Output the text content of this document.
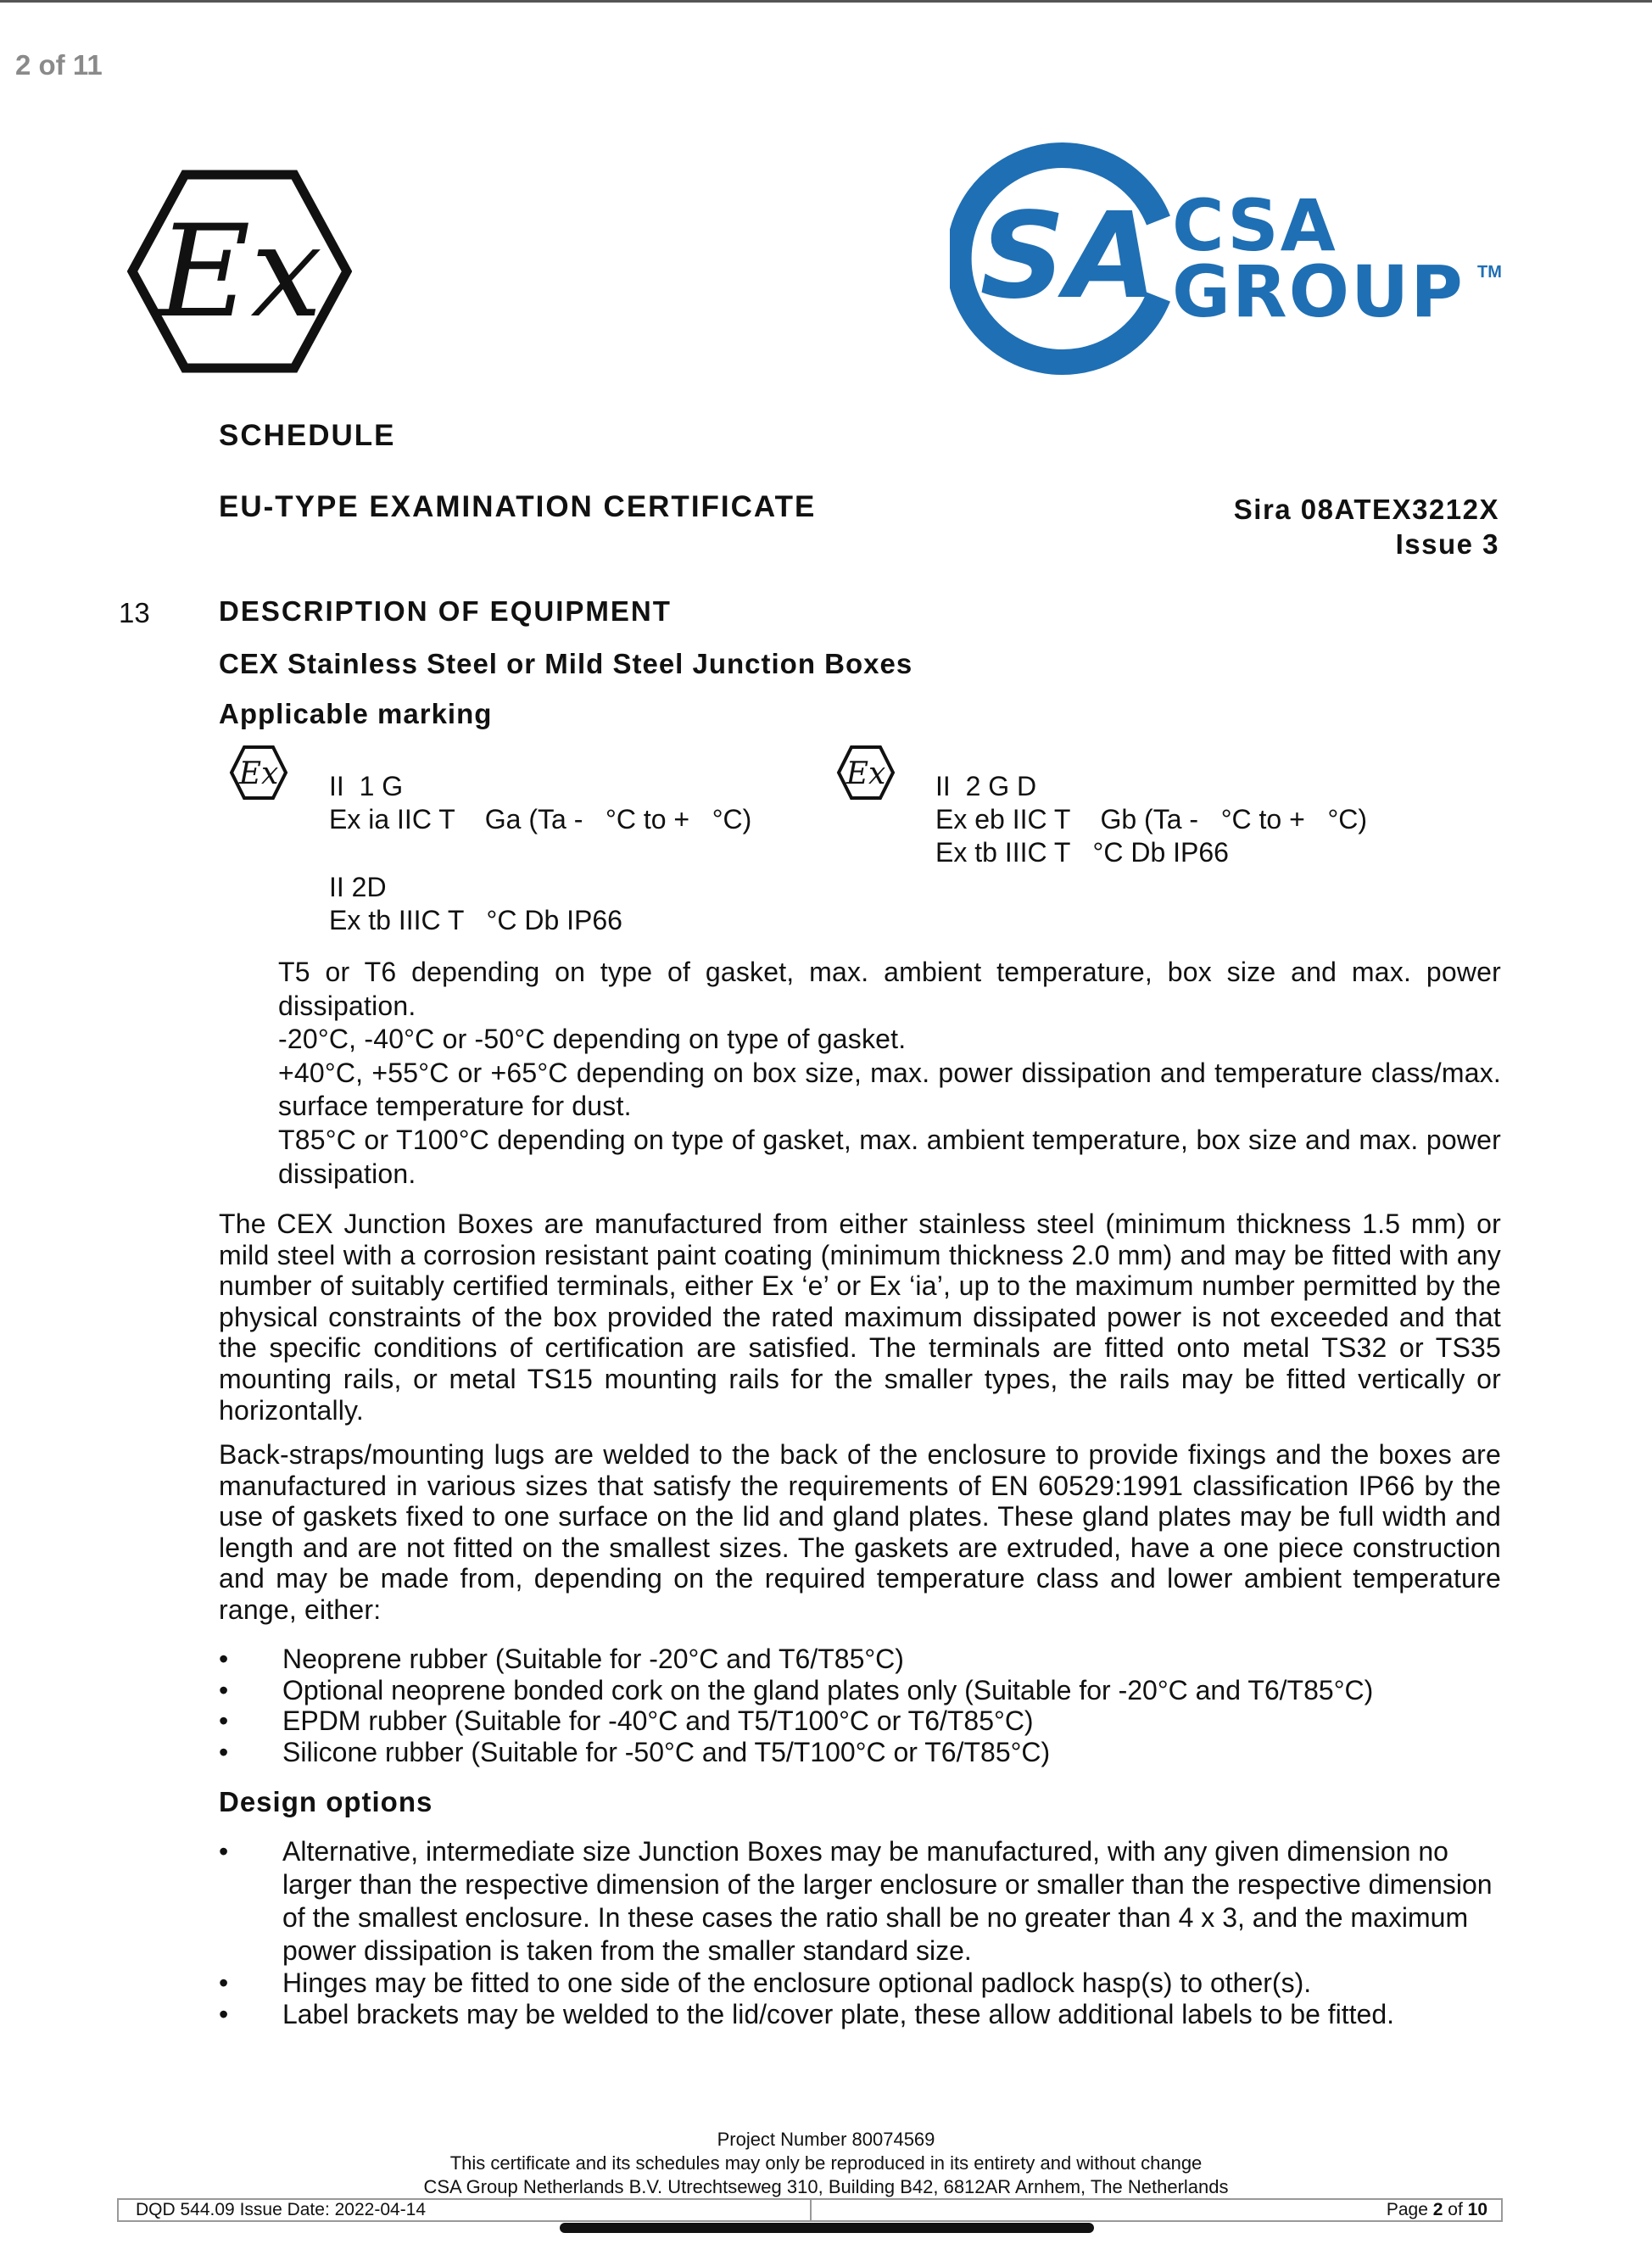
2 of 11
Ex	SA CSA
GROUP TM
SCHEDULE
EU-TYPE EXAMINATION CERTIFICATE	Sira 08ATEX3212X
Issue 3
13 DESCRIPTION OF EQUIPMENT
CEX Stainless Steel or Mild Steel Junction Boxes
Applicable marking
Ex II  1 G
Ex ia IIC T    Ga (Ta -   °C to +   °C)
II 2D
Ex tb IIIC T   °C Db IP66
Ex II  2 G D
Ex eb IIC T    Gb (Ta -   °C to +   °C)
Ex tb IIIC T   °C Db IP66
T5 or T6 depending on type of gasket, max. ambient temperature, box size and max. power dissipation.
-20°C, -40°C or -50°C depending on type of gasket.
+40°C, +55°C or +65°C depending on box size, max. power dissipation and temperature class/max. surface temperature for dust.
T85°C or T100°C depending on type of gasket, max. ambient temperature, box size and max. power dissipation.
The CEX Junction Boxes are manufactured from either stainless steel (minimum thickness 1.5 mm) or mild steel with a corrosion resistant paint coating (minimum thickness 2.0 mm) and may be fitted with any number of suitably certified terminals, either Ex ‘e’ or Ex ‘ia’, up to the maximum number permitted by the physical constraints of the box provided the rated maximum dissipated power is not exceeded and that the specific conditions of certification are satisfied. The terminals are fitted onto metal TS32 or TS35 mounting rails, or metal TS15 mounting rails for the smaller types, the rails may be fitted vertically or horizontally.
Back-straps/mounting lugs are welded to the back of the enclosure to provide fixings and the boxes are manufactured in various sizes that satisfy the requirements of EN 60529:1991 classification IP66 by the use of gaskets fixed to one surface on the lid and gland plates. These gland plates may be full width and length and are not fitted on the smallest sizes. The gaskets are extruded, have a one piece construction and may be made from, depending on the required temperature class and lower ambient temperature range, either:
• Neoprene rubber (Suitable for -20°C and T6/T85°C)
• Optional neoprene bonded cork on the gland plates only (Suitable for -20°C and T6/T85°C)
• EPDM rubber (Suitable for -40°C and T5/T100°C or T6/T85°C)
• Silicone rubber (Suitable for -50°C and T5/T100°C or T6/T85°C)
Design options
• Alternative, intermediate size Junction Boxes may be manufactured, with any given dimension no larger than the respective dimension of the larger enclosure or smaller than the respective dimension of the smallest enclosure. In these cases the ratio shall be no greater than 4 x 3, and the maximum power dissipation is taken from the smaller standard size.
• Hinges may be fitted to one side of the enclosure optional padlock hasp(s) to other(s).
• Label brackets may be welded to the lid/cover plate, these allow additional labels to be fitted.
Project Number 80074569
This certificate and its schedules may only be reproduced in its entirety and without change
CSA Group Netherlands B.V. Utrechtseweg 310, Building B42, 6812AR Arnhem, The Netherlands
DQD 544.09 Issue Date: 2022-04-14	Page 2 of 10
